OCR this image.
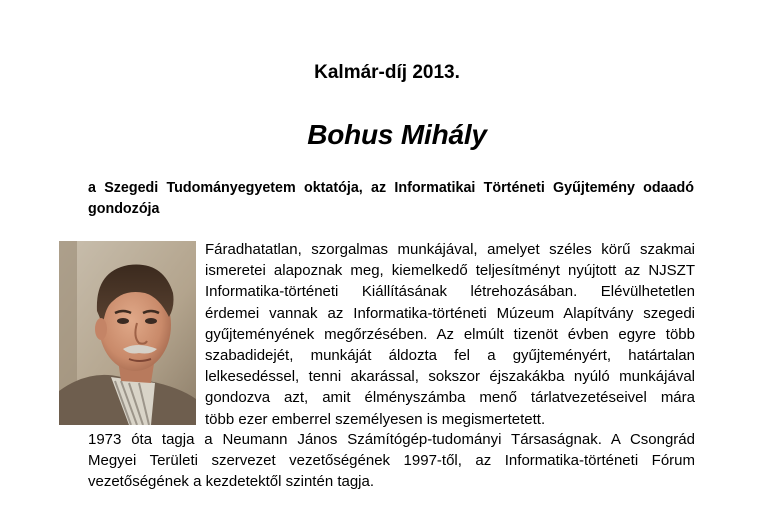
Kalmár-díj 2013.
Bohus Mihály
a Szegedi Tudományegyetem oktatója, az Informatikai Történeti Gyűjtemény odaadó gondozója
Fáradhatatlan, szorgalmas munkájával, amelyet széles körű szakmai
ismeretei alapoznak meg, kiemelkedő teljesítményt nyújtott az NJSZT
Informatika-történeti Kiállításának létrehozásában. Elévülhetetlen
érdemei vannak az Informatika-történeti Múzeum Alapítvány szegedi
gyűjteményének megőrzésében. Az elmúlt tizenöt évben egyre több
szabadidejét, munkáját áldozta fel a gyűjteményért, határtalan
lelkesedéssel, tenni akarással, sokszor éjszakákba nyúló munkájával
gondozva azt, amit élményszámba menő tárlatvezetéseivel mára
több ezer emberrel személyesen is megismertetett.
1973 óta tagja a Neumann János Számítógép-tudományi Társaságnak. A Csongrád
Megyei Területi szervezet vezetőségének 1997-től, az Informatika-történeti Fórum
vezetőségének a kezdetektől szintén tagja.
